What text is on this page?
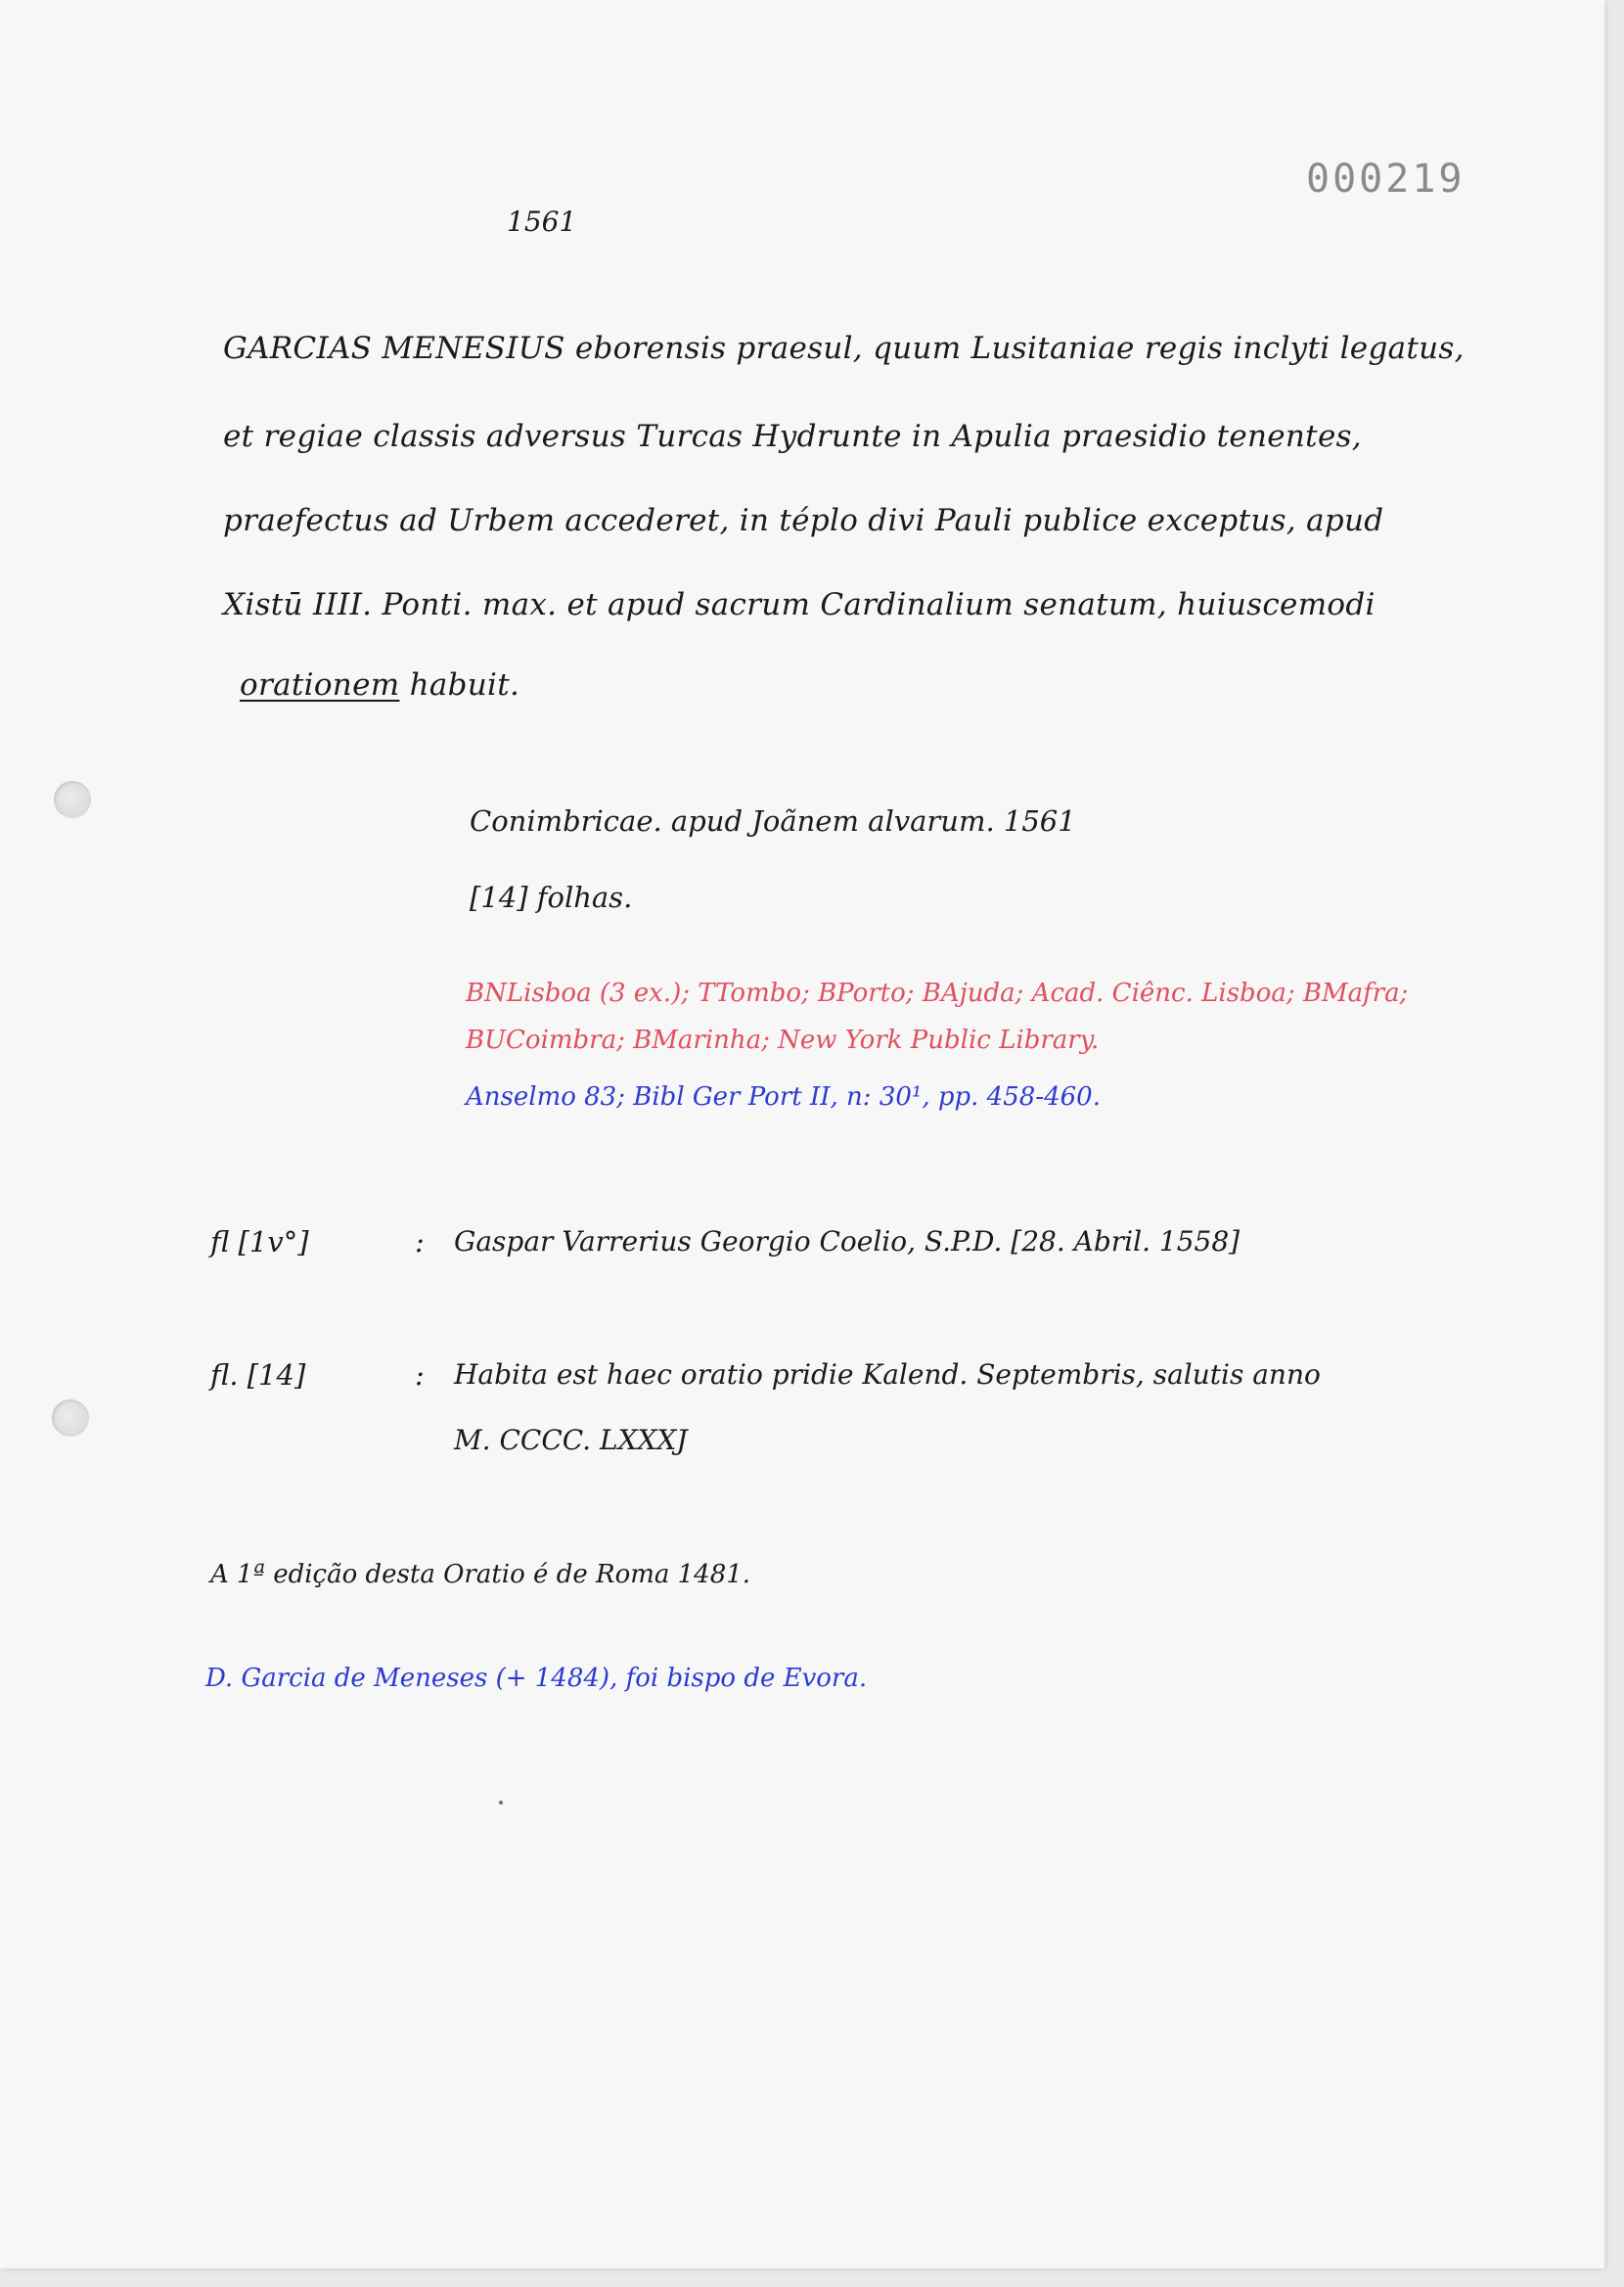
000219
1561
GARCIAS MENESIUS eborensis praesul, quum Lusitaniae regis inclyti legatus,
et regiae classis adversus Turcas Hydrunte in Apulia praesidio tenentes,
praefectus ad Urbem accederet, in téplo divi Pauli publice exceptus, apud
Xistū IIII. Ponti. max. et apud sacrum Cardinalium senatum, huiuscemodi
orationem habuit.
Conimbricae. apud Joãnem alvarum. 1561
[14] folhas.
BNLisboa (3 ex.); TTombo; BPorto; BAjuda; Acad. Ciênc. Lisboa; BMafra;
BUCoimbra; BMarinha; New York Public Library.
Anselmo 83; Bibl Ger Port II, n: 30¹, pp. 458-460.
fl [1v°]	: Gaspar Varrerius Georgio Coelio, S.P.D. [28. Abril. 1558]
fl. [14]	: Habita est haec oratio pridie Kalend. Septembris, salutis anno
M. CCCC. LXXXJ
A 1ª edição desta Oratio é de Roma 1481.
D. Garcia de Meneses (+ 1484), foi bispo de Evora.
